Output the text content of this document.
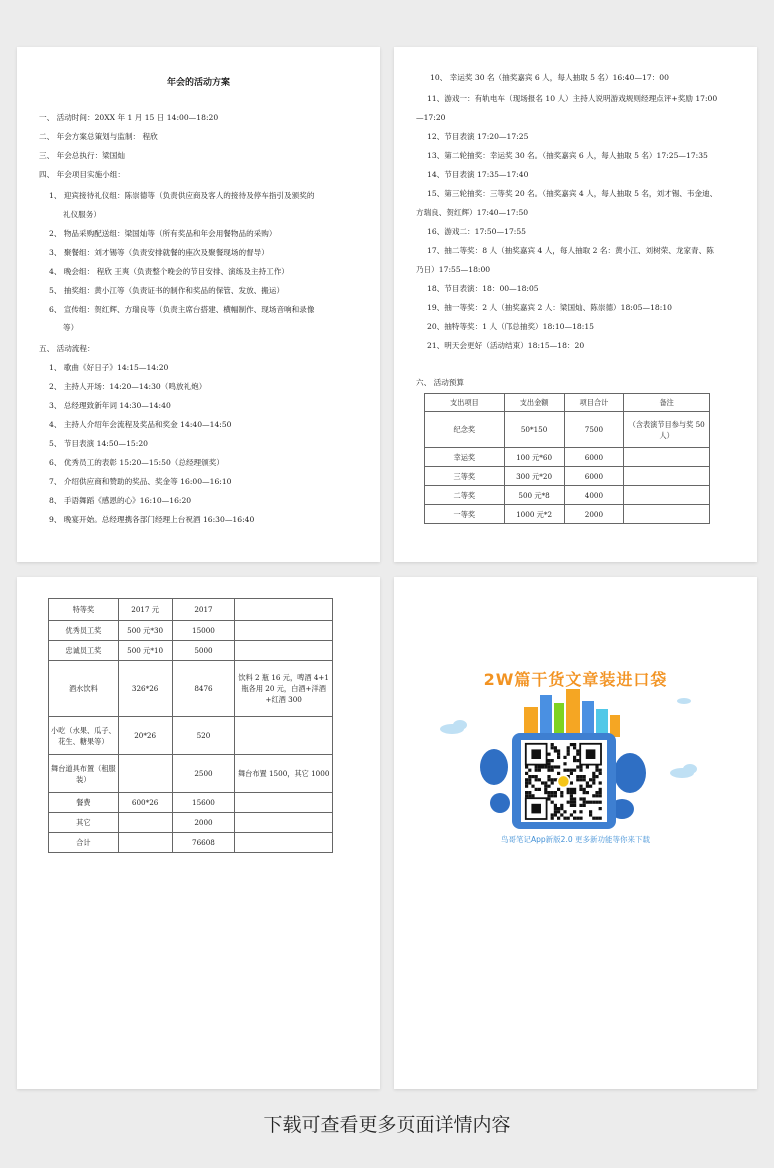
年会的活动方案
一、 活动时间：20XX 年 1 月 15 日 14:00—18:20
二、 年会方案总策划与监制： 程欣
三、 年会总执行：梁国灿
四、 年会项目实施小组：
1、 迎宾接待礼仪组：陈崇德等（负责供应商及客人的接待及停车指引及颁奖的
礼仪服务）
2、 物品采购配送组：梁国灿等（所有奖品和年会用餐物品的采购）
3、 聚餐组：刘才锡等（负责安排就餐的座次及聚餐现场的督导）
4、 晚会组： 程欣 王爽（负责整个晚会的节目安排、演练及主持工作）
5、 抽奖组：黄小江等（负责证书的制作和奖品的保管、发放、搬运）
6、 宣传组：贺红辉、方瑞良等（负责主席台搭建、横幅制作、现场音响和录像
等）
五、 活动流程：
1、 歌曲《好日子》14:15—14:20
2、 主持人开场：14:20—14:30（鸣放礼炮）
3、 总经理致新年词 14:30—14:40
4、 主持人介绍年会流程及奖品和奖金 14:40—14:50
5、 节目表演 14:50—15:20
6、 优秀员工的表彰 15:20—15:50（总经理颁奖）
7、 介绍供应商和赞助的奖品、奖金等 16:00—16:10
8、 手语舞蹈《感恩的心》16:10—16:20
9、 晚宴开始。总经理携各部门经理上台祝酒 16:30—16:40
10、 幸运奖 30 名（抽奖嘉宾 6 人，每人抽取 5 名）16:40—17：00
11、游戏一：有轨电车（现场报名 10 人）主持人说明游戏规则经理点评+奖励 17:00
—17:20
12、节目表演 17:20—17:25
13、第二轮抽奖：幸运奖 30 名。（抽奖嘉宾 6 人，每人抽取 5 名）17:25—17:35
14、节目表演 17:35—17:40
15、第三轮抽奖：三等奖 20 名。（抽奖嘉宾 4 人，每人抽取 5 名，刘才锡、韦金迪、
方瑞良、贺红辉）17:40—17:50
16、游戏二：17:50—17:55
17、抽二等奖：8 人（抽奖嘉宾 4 人，每人抽取 2 名：黄小江、刘树荣、龙家青、陈
乃日）17:55—18:00
18、节目表演：18：00—18:05
19、抽一等奖：2 人（抽奖嘉宾 2 人：梁国灿、陈崇德）18:05—18:10
20、抽特等奖：1 人（邝总抽奖）18:10—18:15
21、明天会更好（活动结束）18:15—18：20
六、 活动预算
支出项目	支出金额	项目合计	备注
纪念奖	50*150	7500	（含表演节目参与奖 50 人）
幸运奖	100 元*60	6000	
三等奖	300 元*20	6000	
二等奖	500 元*8	4000	
一等奖	1000 元*2	2000	
特等奖	2017 元	2017	
优秀员工奖	500 元*30	15000	
忠诚员工奖	500 元*10	5000	
酒水饮料	326*26	8476	饮料 2 瓶 16 元，啤酒 4+1 瓶各用 20 元，白酒+洋酒+红酒 300
小吃（水果、瓜子、花生、糖果等）	20*26	520	
舞台道具布置（租服装）		2500	舞台布置 1500，其它 1000
餐费	600*26	15600	
其它		2000	
合计		76608	
2W篇干货文章装进口袋
鸟哥笔记App新版2.0 更多新功能等你来下载
下载可查看更多页面详情内容
